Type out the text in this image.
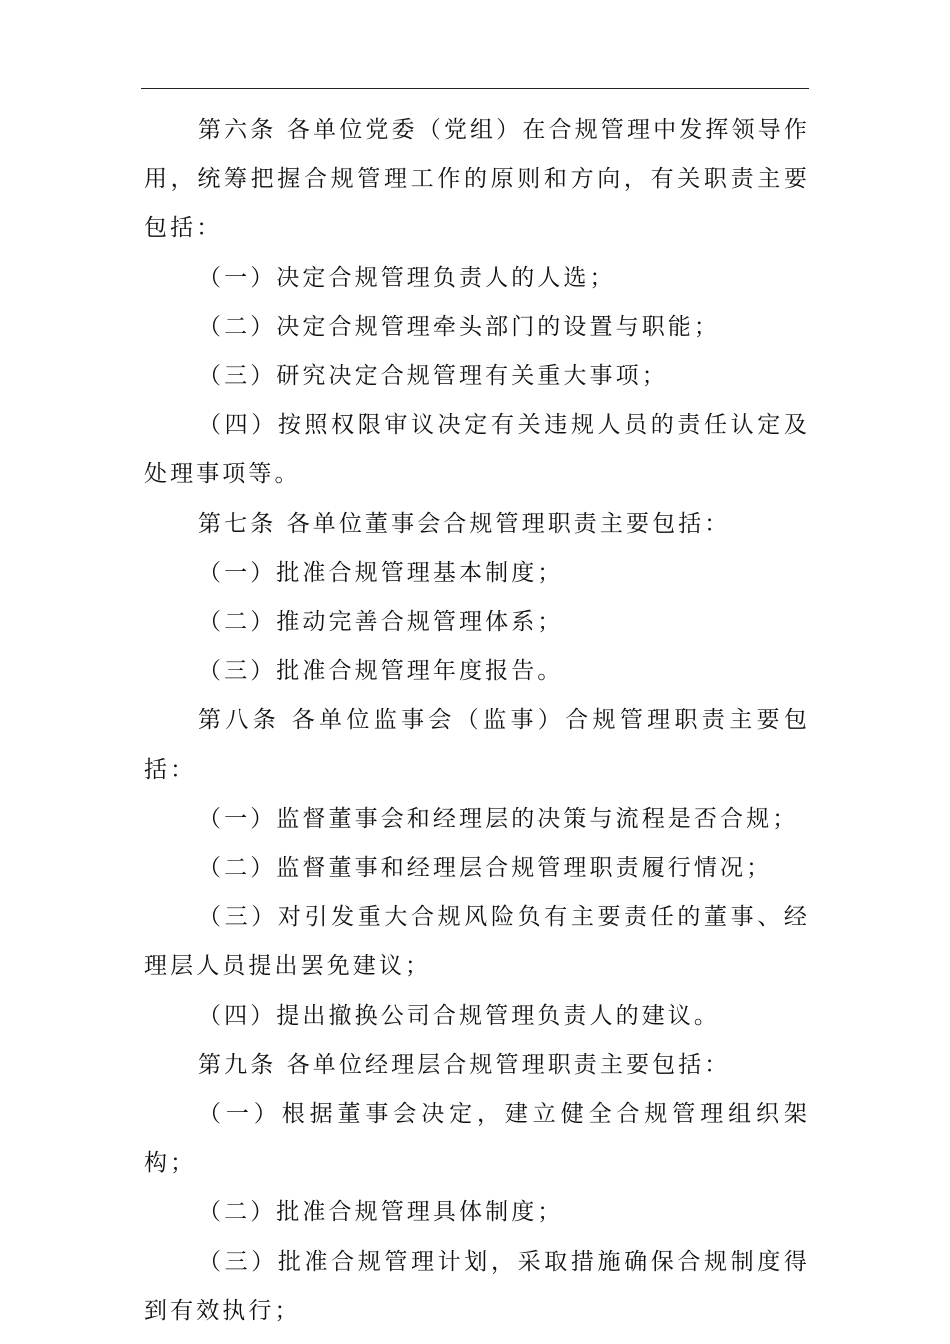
第六条 各单位党委（党组）在合规管理中发挥领导作用，统筹把握合规管理工作的原则和方向，有关职责主要包括：

（一）决定合规管理负责人的人选；

（二）决定合规管理牵头部门的设置与职能；

（三）研究决定合规管理有关重大事项；

（四）按照权限审议决定有关违规人员的责任认定及处理事项等。

第七条 各单位董事会合规管理职责主要包括：

（一）批准合规管理基本制度；

（二）推动完善合规管理体系；

（三）批准合规管理年度报告。

第八条 各单位监事会（监事）合规管理职责主要包括：

（一）监督董事会和经理层的决策与流程是否合规；

（二）监督董事和经理层合规管理职责履行情况；

（三）对引发重大合规风险负有主要责任的董事、经理层人员提出罢免建议；

（四）提出撤换公司合规管理负责人的建议。

第九条 各单位经理层合规管理职责主要包括：

（一）根据董事会决定，建立健全合规管理组织架构；

（二）批准合规管理具体制度；

（三）批准合规管理计划，采取措施确保合规制度得到有效执行；
